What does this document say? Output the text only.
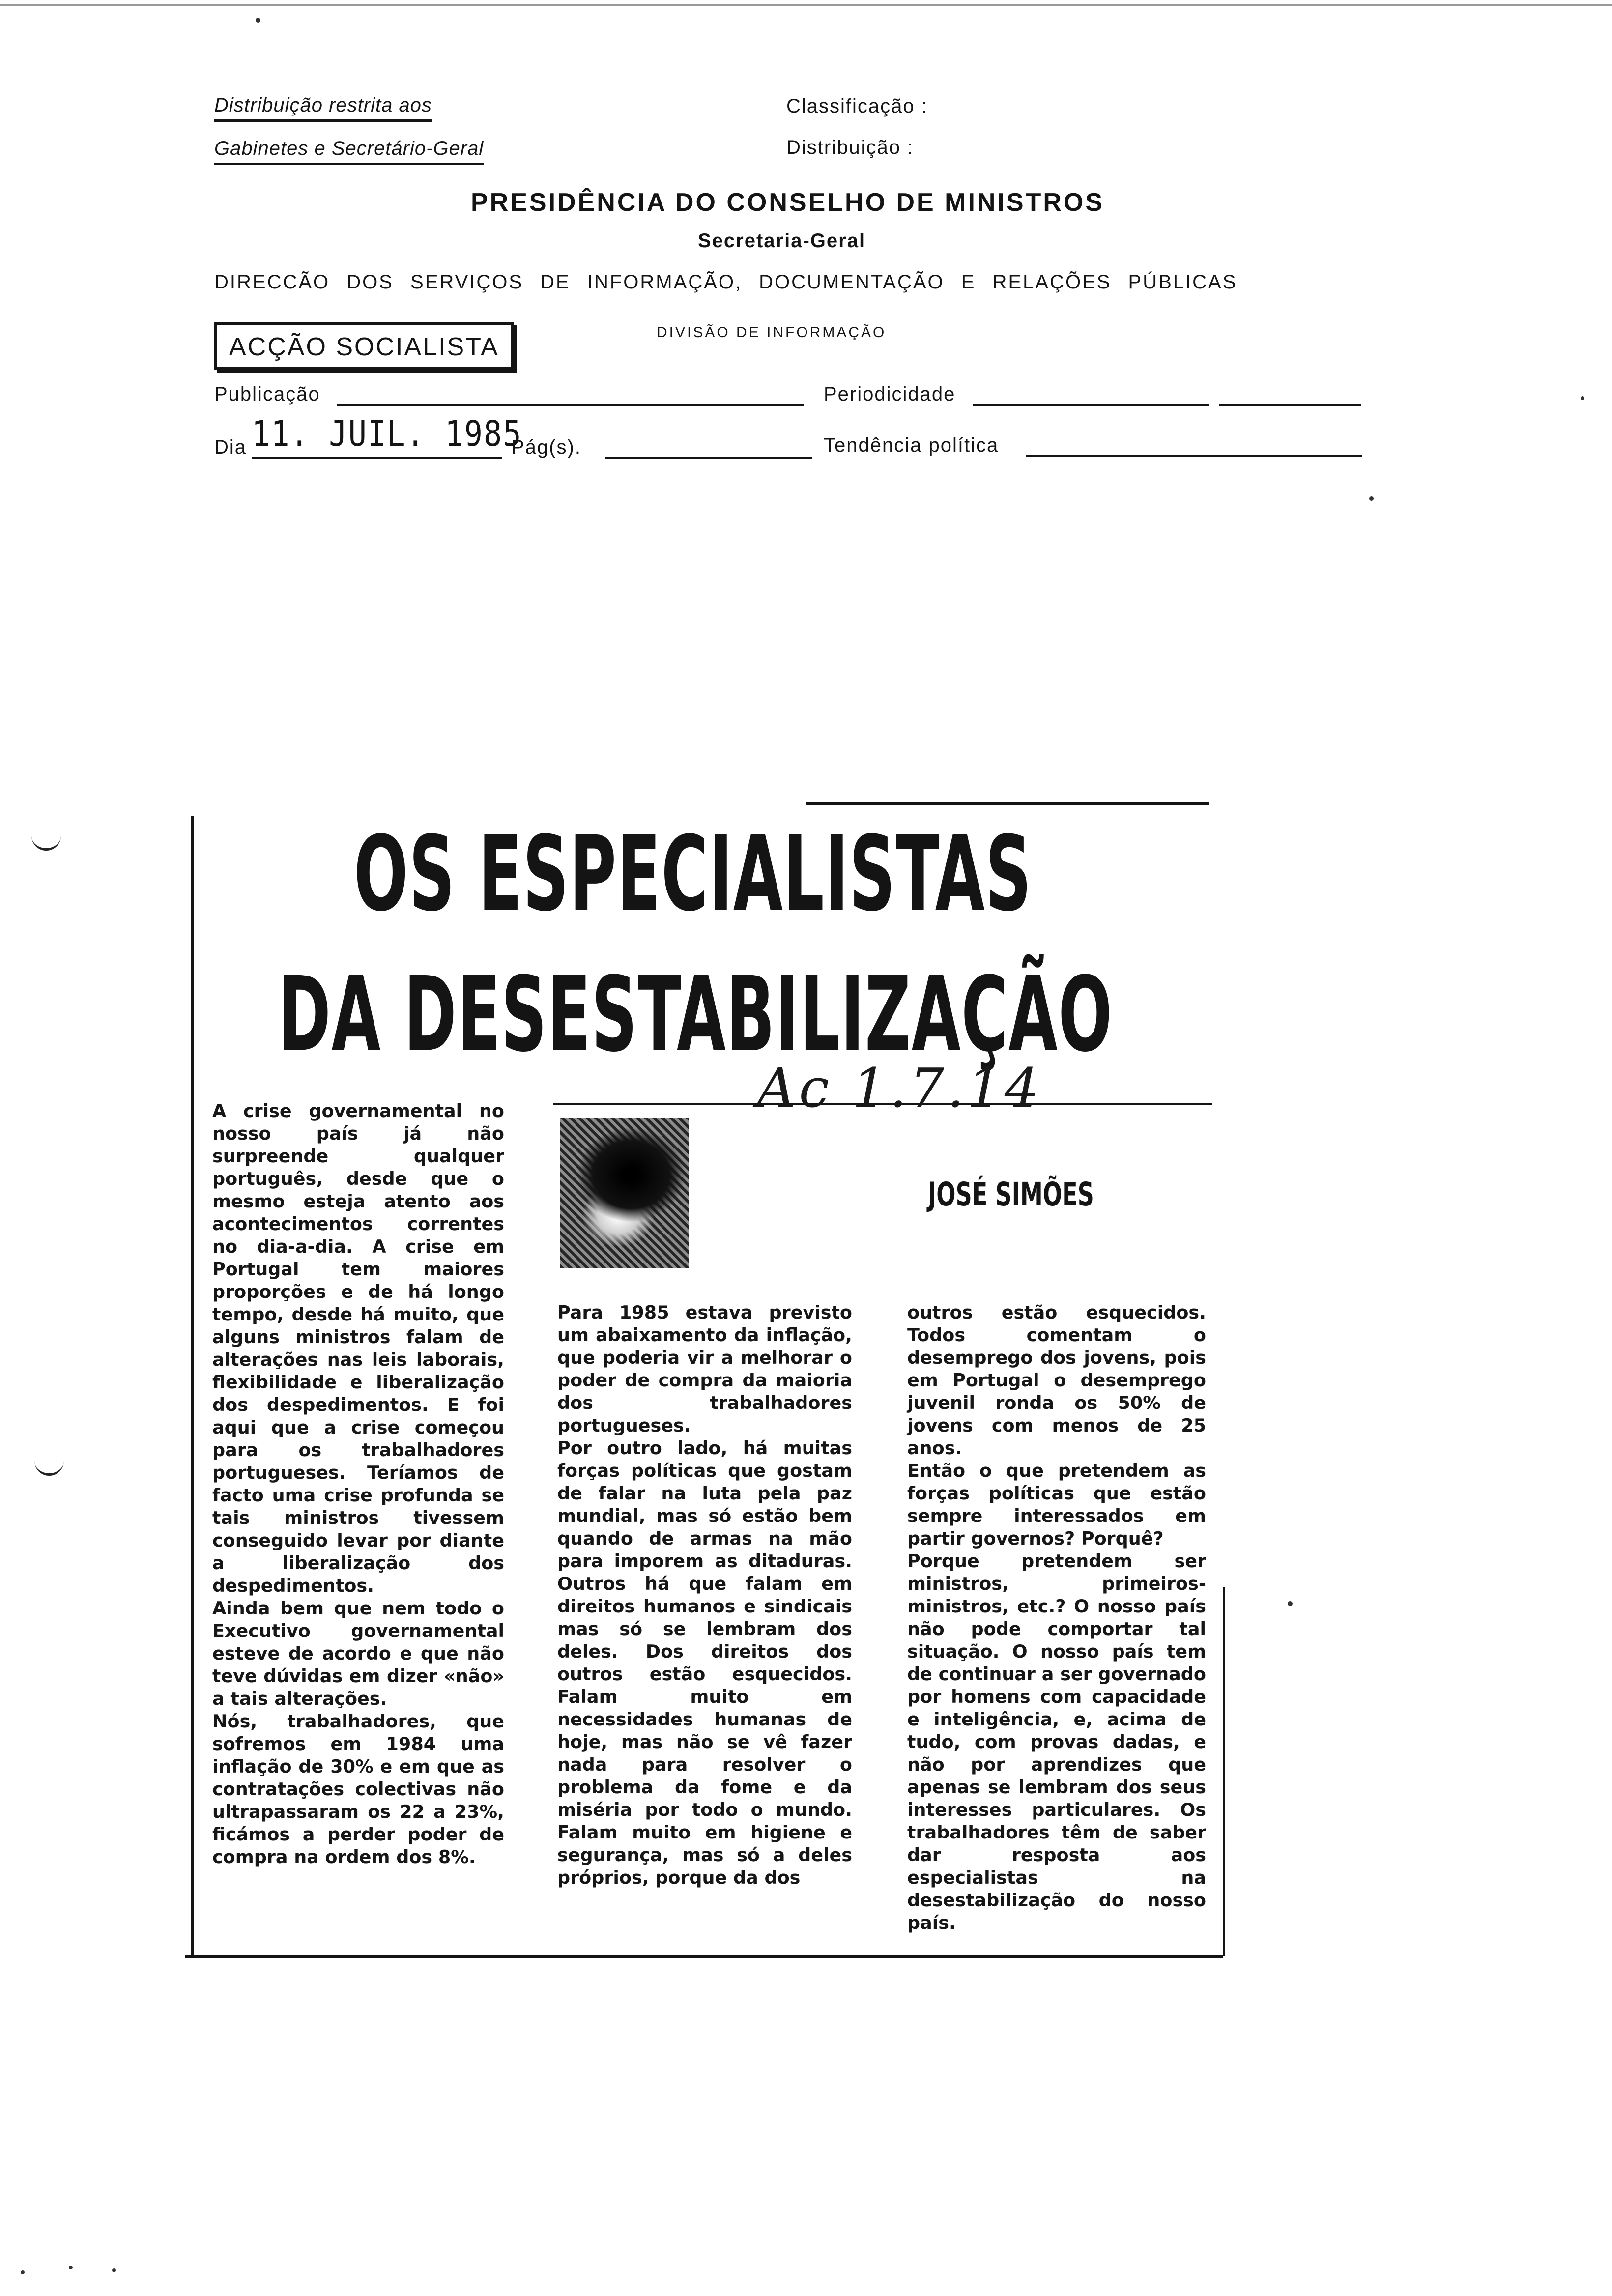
Distribuição restrita aos
Gabinetes e Secretário-Geral
Classificação :
Distribuição :
PRESIDÊNCIA DO CONSELHO DE MINISTROS
Secretaria-Geral
DIRECCÃO DOS SERVIÇOS DE INFORMAÇÃO, DOCUMENTAÇÃO E RELAÇÕES PÚBLICAS
ACÇÃO SOCIALISTA
DIVISÃO DE INFORMAÇÃO
Publicação	Periodicidade
Dia 11. JUIL. 1985
Pág(s).	Tendência política
OS ESPECIALISTAS
DA DESESTABILIZAÇÃO
Ac 1.7.14
JOSÉ SIMÕES
A crise governamental no nosso país já não surpreende qualquer português, desde que o mesmo esteja atento aos acontecimentos correntes no dia-a-dia. A crise em Portugal tem maiores proporções e de há longo tempo, desde há muito, que alguns ministros falam de alterações nas leis laborais, flexibilidade e liberalização dos despedimentos. E foi aqui que a crise começou para os trabalhadores portugueses. Teríamos de facto uma crise profunda se tais ministros tivessem conseguido levar por diante a liberalização dos despedimentos.
Ainda bem que nem todo o Executivo governamental esteve de acordo e que não teve dúvidas em dizer «não» a tais alterações.
Nós, trabalhadores, que sofremos em 1984 uma inflação de 30% e em que as contratações colectivas não ultrapassaram os 22 a 23%, ficámos a perder poder de compra na ordem dos 8%.
Para 1985 estava previsto um abaixamento da inflação, que poderia vir a melhorar o poder de compra da maioria dos trabalhadores portugueses.
Por outro lado, há muitas forças políticas que gostam de falar na luta pela paz mundial, mas só estão bem quando de armas na mão para imporem as ditaduras. Outros há que falam em direitos humanos e sindicais mas só se lembram dos deles. Dos direitos dos outros estão esquecidos. Falam muito em necessidades humanas de hoje, mas não se vê fazer nada para resolver o problema da fome e da miséria por todo o mundo. Falam muito em higiene e segurança, mas só a deles próprios, porque da dos
outros estão esquecidos. Todos comentam o desemprego dos jovens, pois em Portugal o desemprego juvenil ronda os 50% de jovens com menos de 25 anos.
Então o que pretendem as forças políticas que estão sempre interessados em partir governos? Porquê?
Porque pretendem ser ministros, primeiros-ministros, etc.? O nosso país não pode comportar tal situação. O nosso país tem de continuar a ser governado por homens com capacidade e inteligência, e, acima de tudo, com provas dadas, e não por aprendizes que apenas se lembram dos seus interesses particulares. Os trabalhadores têm de saber dar resposta aos especialistas na desestabilização do nosso país.
